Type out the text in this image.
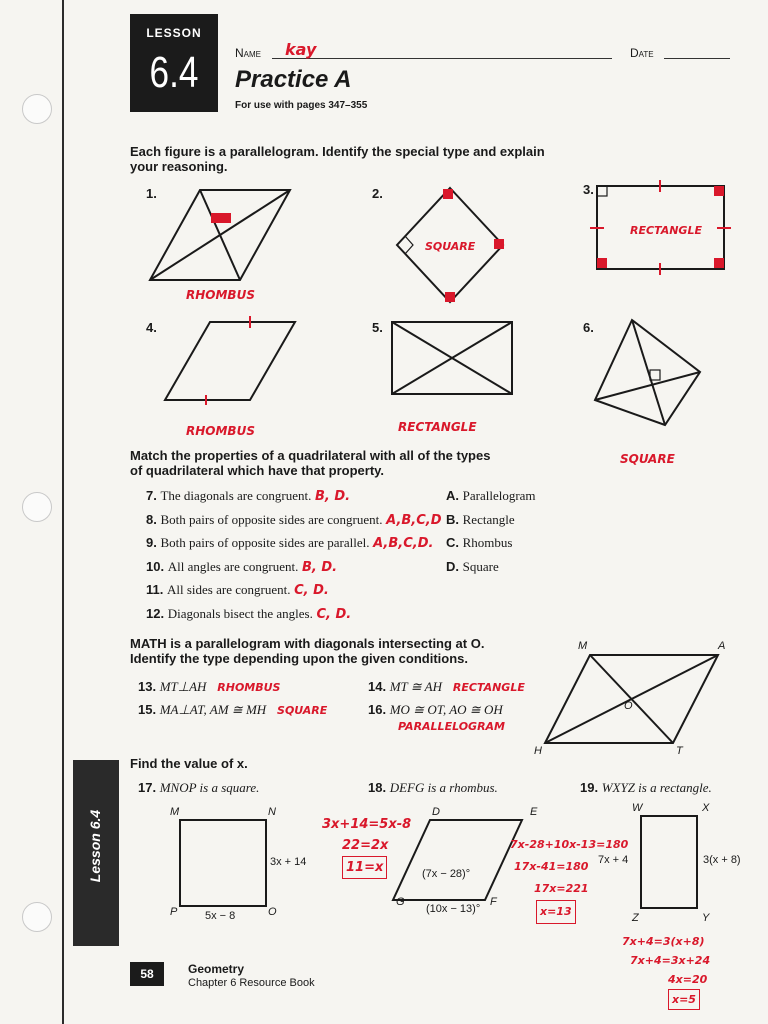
LESSON
6.4	Name kay	Date
Practice A
For use with pages 347–355
Each figure is a parallelogram. Identify the special type and explain
your reasoning.
1.	2.	3.
4.	5.	6.
RHOMBUS
SQUARE
RECTANGLE
RHOMBUS	RECTANGLE
SQUARE
Match the properties of a quadrilateral with all of the types
of quadrilateral which have that property.
7. The diagonals are congruent. B, D.
8. Both pairs of opposite sides are congruent. A,B,C,D
9. Both pairs of opposite sides are parallel. A,B,C,D.
10. All angles are congruent. B, D.
11. All sides are congruent. C, D.
12. Diagonals bisect the angles. C, D.
A. Parallelogram
B. Rectangle
C. Rhombus
D. Square
MATH is a parallelogram with diagonals intersecting at O.
Identify the type depending upon the given conditions.
13. MT⊥AH RHOMBUS	14. MT ≅ AH RECTANGLE
15. MA⊥AT, AM ≅ MH SQUARE	16. MO ≅ OT, AO ≅ OH
PARALLELOGRAM
M	A
O
H	T
Find the value of x.
17. MNOP is a square.	18. DEFG is a rhombus.	19. WXYZ is a rectangle.
M	N
P	O
3x + 14
5x − 8
3x+14=5x-8
22=2x
11=x
D	E
F
G
(7x − 28)°
(10x − 13)°
7x-28+10x-13=180
17x-41=180
17x=221
x=13
W	X
Y
Z
7x + 4	3(x + 8)
7x+4=3(x+8)
7x+4=3x+24
4x=20
x=5
Lesson 6.4
58	Geometry
Chapter 6 Resource Book
